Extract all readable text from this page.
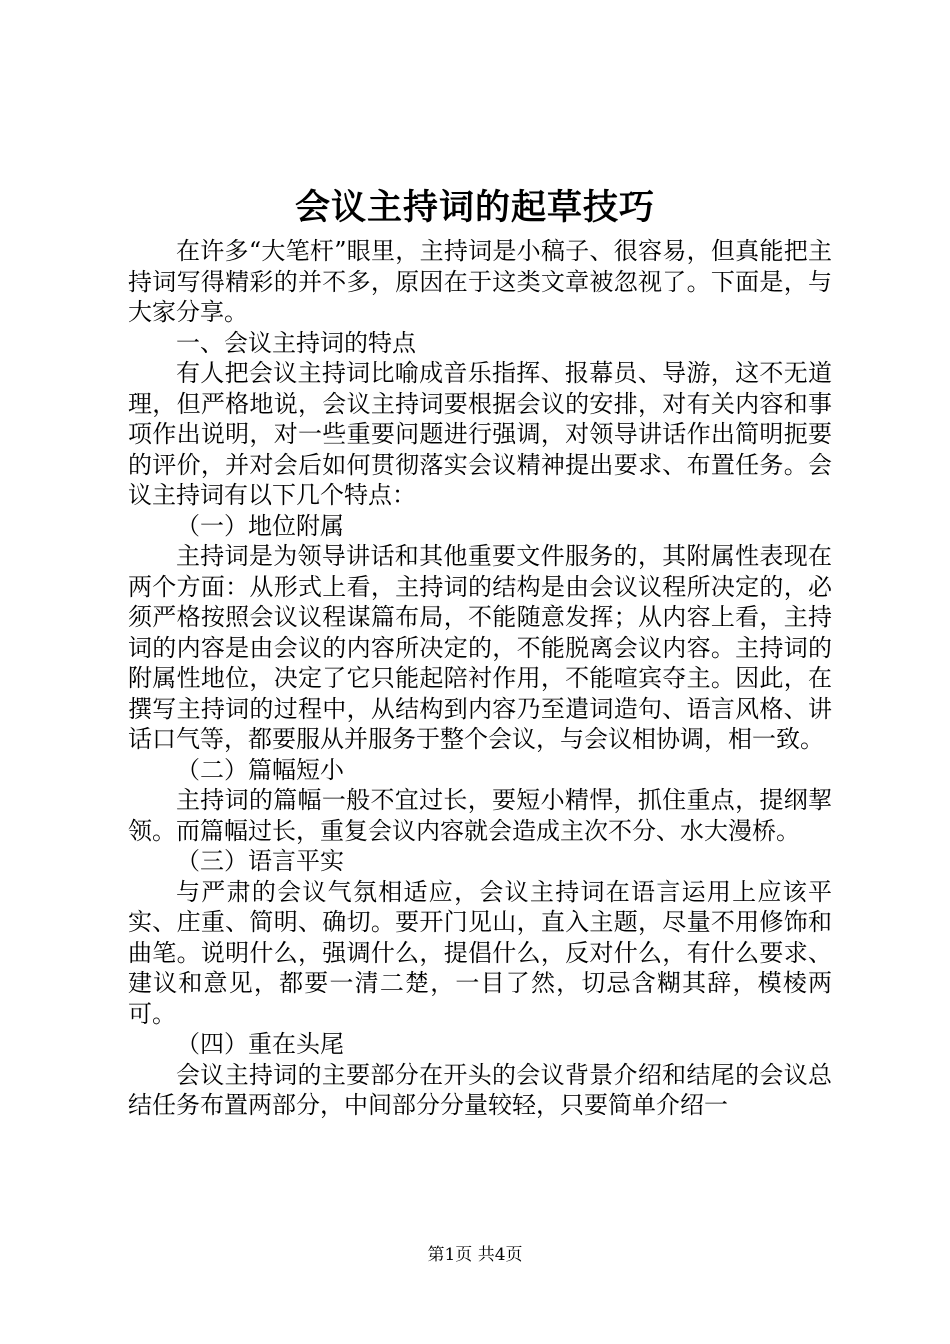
会议主持词的起草技巧

在许多“大笔杆”眼里，主持词是小稿子、很容易，但真能把主持词写得精彩的并不多，原因在于这类文章被忽视了。下面是，与大家分享。

一、会议主持词的特点

有人把会议主持词比喻成音乐指挥、报幕员、导游，这不无道理，但严格地说，会议主持词要根据会议的安排，对有关内容和事项作出说明，对一些重要问题进行强调，对领导讲话作出简明扼要的评价，并对会后如何贯彻落实会议精神提出要求、布置任务。会议主持词有以下几个特点：

（一）地位附属

主持词是为领导讲话和其他重要文件服务的，其附属性表现在两个方面：从形式上看，主持词的结构是由会议议程所决定的，必须严格按照会议议程谋篇布局，不能随意发挥；从内容上看，主持词的内容是由会议的内容所决定的，不能脱离会议内容。主持词的附属性地位，决定了它只能起陪衬作用，不能喧宾夺主。因此，在撰写主持词的过程中，从结构到内容乃至遣词造句、语言风格、讲话口气等，都要服从并服务于整个会议，与会议相协调，相一致。

（二）篇幅短小

主持词的篇幅一般不宜过长，要短小精悍，抓住重点，提纲挈领。而篇幅过长，重复会议内容就会造成主次不分、水大漫桥。

（三）语言平实

与严肃的会议气氛相适应，会议主持词在语言运用上应该平实、庄重、简明、确切。要开门见山，直入主题，尽量不用修饰和曲笔。说明什么，强调什么，提倡什么，反对什么，有什么要求、建议和意见，都要一清二楚，一目了然，切忌含糊其辞，模棱两可。

（四）重在头尾

会议主持词的主要部分在开头的会议背景介绍和结尾的会议总结任务布置两部分，中间部分分量较轻，只要简单介绍一

第1页 共4页
